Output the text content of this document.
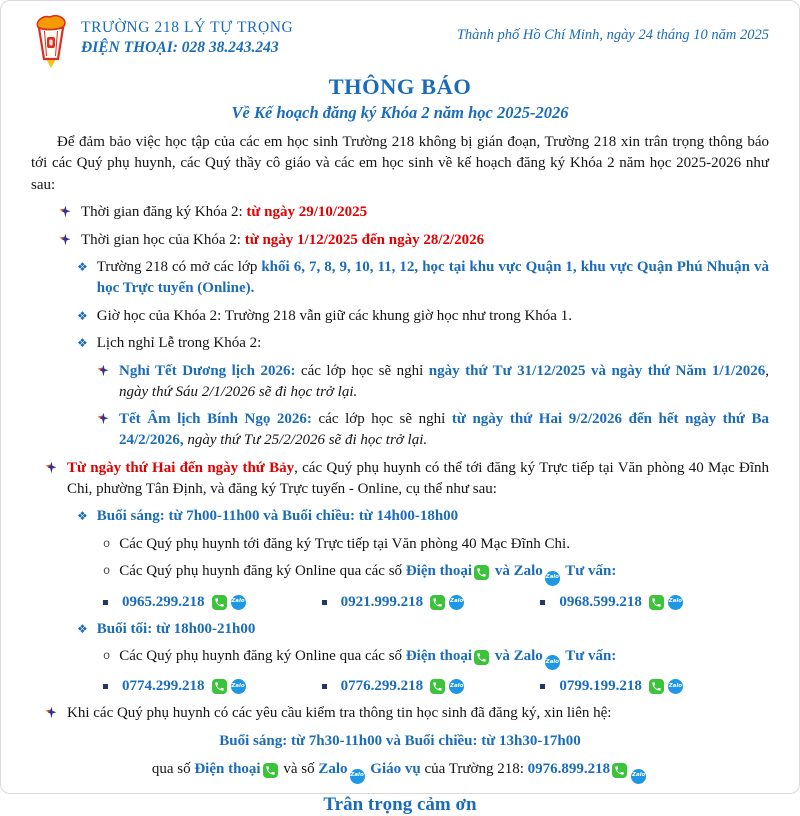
TRƯỜNG 218 LÝ TỰ TRỌNG
ĐIỆN THOẠI: 028 38.243.243
Thành phố Hồ Chí Minh, ngày 24 tháng 10 năm 2025
THÔNG BÁO
Về Kế hoạch đăng ký Khóa 2 năm học 2025-2026

Để đảm bảo việc học tập của các em học sinh Trường 218 không bị gián đoạn, Trường 218 xin trân trọng thông báo tới các Quý phụ huynh, các Quý thầy cô giáo và các em học sinh về kế hoạch đăng ký Khóa 2 năm học 2025-2026 như sau:

Thời gian đăng ký Khóa 2: từ ngày 29/10/2025
Thời gian học của Khóa 2: từ ngày 1/12/2025 đến ngày 28/2/2026
❖ Trường 218 có mở các lớp khối 6, 7, 8, 9, 10, 11, 12, học tại khu vực Quận 1, khu vực Quận Phú Nhuận và học Trực tuyến (Online).
❖ Giờ học của Khóa 2: Trường 218 vẫn giữ các khung giờ học như trong Khóa 1.
❖ Lịch nghỉ Lễ trong Khóa 2:
Nghỉ Tết Dương lịch 2026: các lớp học sẽ nghỉ ngày thứ Tư 31/12/2025 và ngày thứ Năm 1/1/2026, ngày thứ Sáu 2/1/2026 sẽ đi học trở lại.
Tết Âm lịch Bính Ngọ 2026: các lớp học sẽ nghỉ từ ngày thứ Hai 9/2/2026 đến hết ngày thứ Ba 24/2/2026, ngày thứ Tư 25/2/2026 sẽ đi học trở lại.
Từ ngày thứ Hai đến ngày thứ Bảy, các Quý phụ huynh có thể tới đăng ký Trực tiếp tại Văn phòng 40 Mạc Đĩnh Chi, phường Tân Định, và đăng ký Trực tuyến - Online, cụ thể như sau:
❖ Buổi sáng: từ 7h00-11h00 và Buổi chiều: từ 14h00-18h00
o Các Quý phụ huynh tới đăng ký Trực tiếp tại Văn phòng 40 Mạc Đĩnh Chi.
o Các Quý phụ huynh đăng ký Online qua các số Điện thoại
và Zalo Zalo Tư vấn:
0965.299.218	Zalo	0921.999.218	Zalo	0968.599.218	Zalo
❖ Buổi tối: từ 18h00-21h00
o Các Quý phụ huynh đăng ký Online qua các số Điện thoại
và Zalo Zalo Tư vấn:
0774.299.218	Zalo	0776.299.218	Zalo	0799.199.218	Zalo
Khi các Quý phụ huynh có các yêu cầu kiểm tra thông tin học sinh đã đăng ký, xin liên hệ:
Buổi sáng: từ 7h30-11h00 và Buổi chiều: từ 13h30-17h00
qua số Điện thoại
và số Zalo Zalo Giáo vụ của Trường 218: 0976.899.218	Zalo
Trân trọng cảm ơn
